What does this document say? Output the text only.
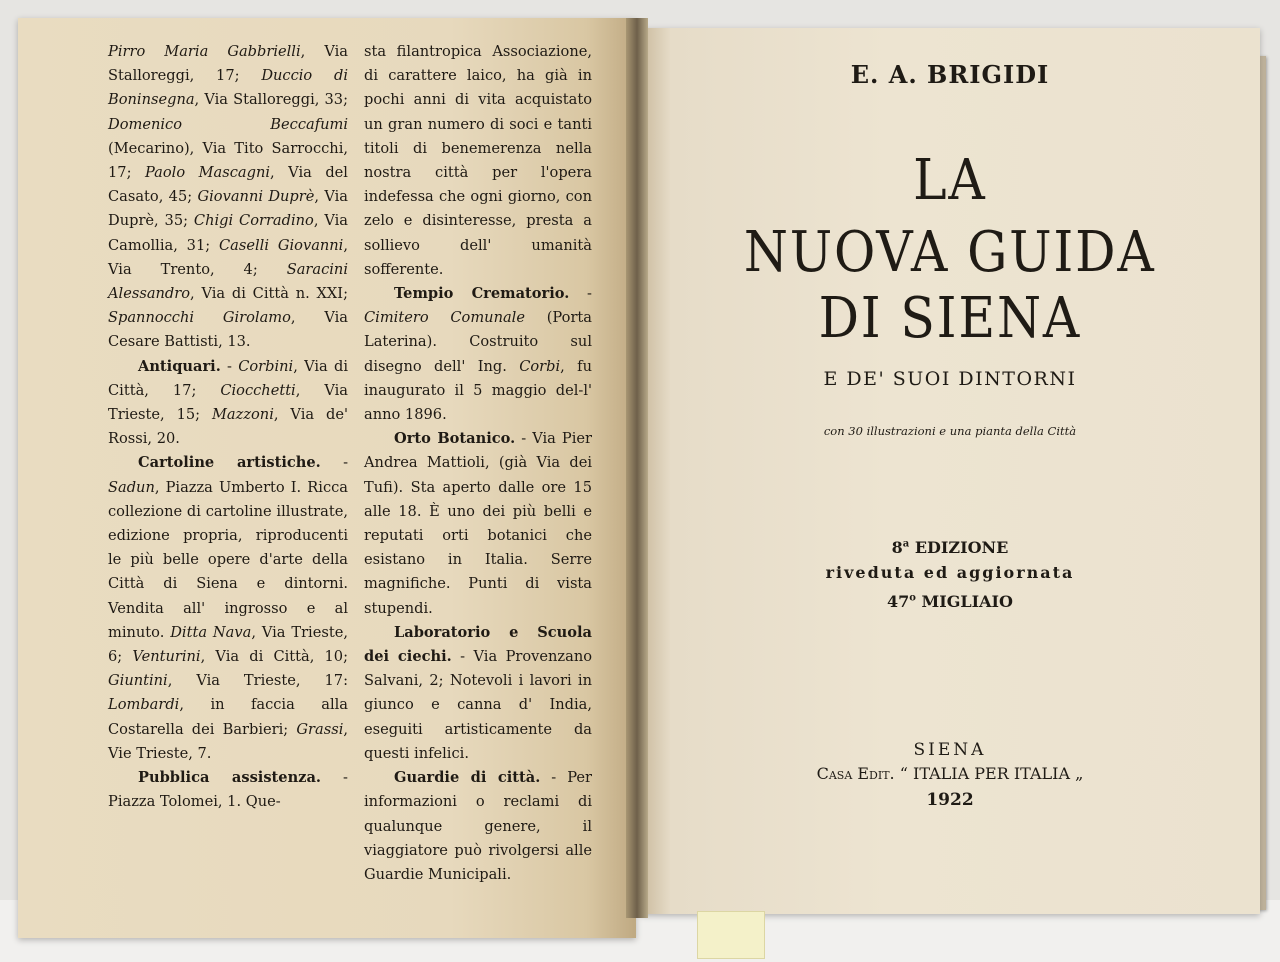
Pirro Maria Gabbrielli, Via Stalloreggi, 17; Duccio di Boninsegna, Via Stalloreggi, 33; Domenico Beccafumi (Mecarino), Via Tito Sarrocchi, 17; Paolo Mascagni, Via del Casato, 45; Giovanni Duprè, Via Duprè, 35; Chigi Corradino, Via Camollia, 31; Caselli Giovanni, Via Trento, 4; Saracini Alessandro, Via di Città n. XXI; Spannocchi Girolamo, Via Cesare Battisti, 13.

Antiquari. - Corbini, Via di Città, 17; Ciocchetti, Via Trieste, 15; Mazzoni, Via de' Rossi, 20.

Cartoline artistiche. - Sadun, Piazza Umberto I. Ricca collezione di cartoline illustrate, edizione propria, riproducenti le più belle opere d'arte della Città di Siena e dintorni. Vendita all' ingrosso e al minuto. Ditta Nava, Via Trieste, 6; Venturini, Via di Città, 10; Giuntini, Via Trieste, 17: Lombardi, in faccia alla Costarella dei Barbieri; Grassi, Vie Trieste, 7.

Pubblica assistenza. - Piazza Tolomei, 1. Que-

sta filantropica Associazione, di carattere laico, ha già in pochi anni di vita acquistato un gran numero di soci e tanti titoli di benemerenza nella nostra città per l'opera indefessa che ogni giorno, con zelo e disinteresse, presta a sollievo dell' umanità sofferente.

Tempio Crematorio. - Cimitero Comunale (Porta Laterina). Costruito sul disegno dell' Ing. Corbi, fu inaugurato il 5 maggio del-l' anno 1896.

Orto Botanico. - Via Pier Andrea Mattioli, (già Via dei Tufi). Sta aperto dalle ore 15 alle 18. È uno dei più belli e reputati orti botanici che esistano in Italia. Serre magnifiche. Punti di vista stupendi.

Laboratorio e Scuola dei ciechi. - Via Provenzano Salvani, 2; Notevoli i lavori in giunco e canna d' India, eseguiti artisticamente da questi infelici.

Guardie di città. - Per informazioni o reclami di qualunque genere, il viaggiatore può rivolgersi alle Guardie Municipali.

E. A. BRIGIDI
LA
NUOVA GUIDA
DI SIENA
E DE' SUOI DINTORNI
con 30 illustrazioni e una pianta della Città
8$^a$ EDIZIONE
riveduta ed aggiornata
47$^o$ MIGLIAIO
SIENA
Casa Edit. “ ITALIA PER ITALIA „
1922
